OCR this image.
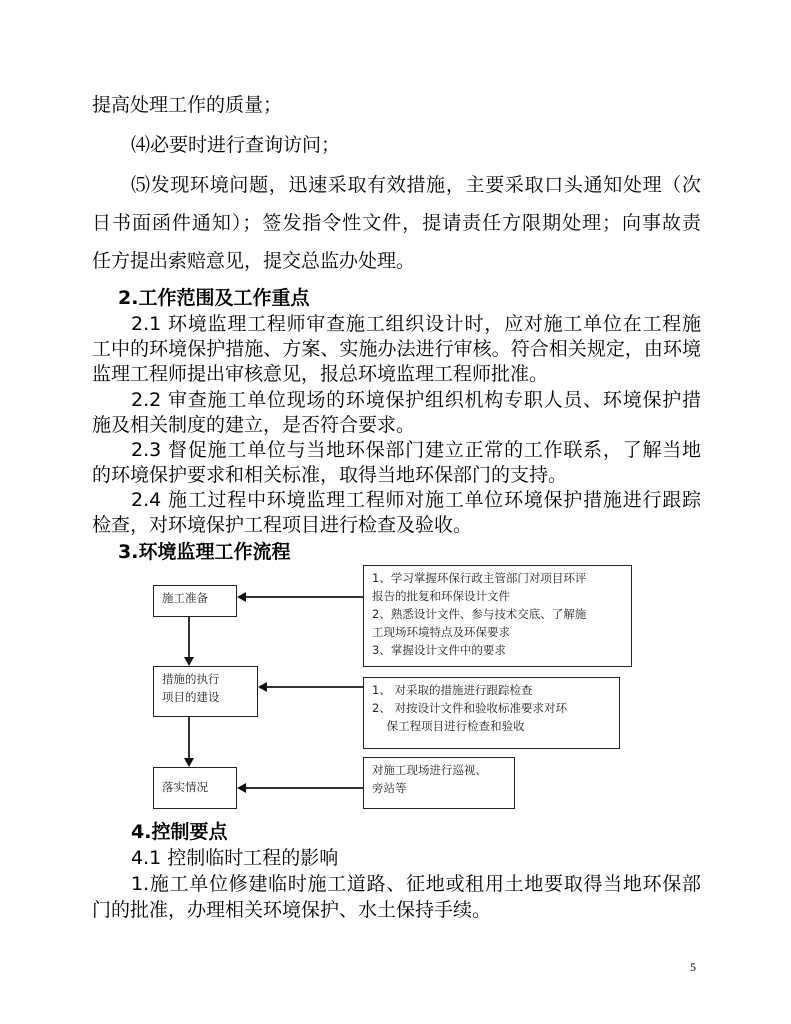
提高处理工作的质量；
⑷必要时进行查询访问；
⑸发现环境问题，迅速采取有效措施，主要采取口头通知处理（次
日书面函件通知）；签发指令性文件，提请责任方限期处理；向事故责
任方提出索赔意见，提交总监办处理。
2.工作范围及工作重点
2.1 环境监理工程师审查施工组织设计时，应对施工单位在工程施
工中的环境保护措施、方案、实施办法进行审核。符合相关规定，由环境
监理工程师提出审核意见，报总环境监理工程师批准。
2.2 审查施工单位现场的环境保护组织机构专职人员、环境保护措
施及相关制度的建立，是否符合要求。
2.3 督促施工单位与当地环保部门建立正常的工作联系，了解当地
的环境保护要求和相关标准，取得当地环保部门的支持。
2.4 施工过程中环境监理工程师对施工单位环境保护措施进行跟踪
检查，对环境保护工程项目进行检查及验收。
3.环境监理工作流程
施工准备
措施的执行
项目的建设
落实情况
1、学习掌握环保行政主管部门对项目环评
报告的批复和环保设计文件
2、熟悉设计文件、参与技术交底、了解施
工现场环境特点及环保要求
3、掌握设计文件中的要求
1、 对采取的措施进行跟踪检查
2、 对按设计文件和验收标准要求对环
保工程项目进行检查和验收
对施工现场进行巡视、
旁站等
4.控制要点
4.1 控制临时工程的影响
1.施工单位修建临时施工道路、征地或租用土地要取得当地环保部
门的批准，办理相关环境保护、水土保持手续。
5
